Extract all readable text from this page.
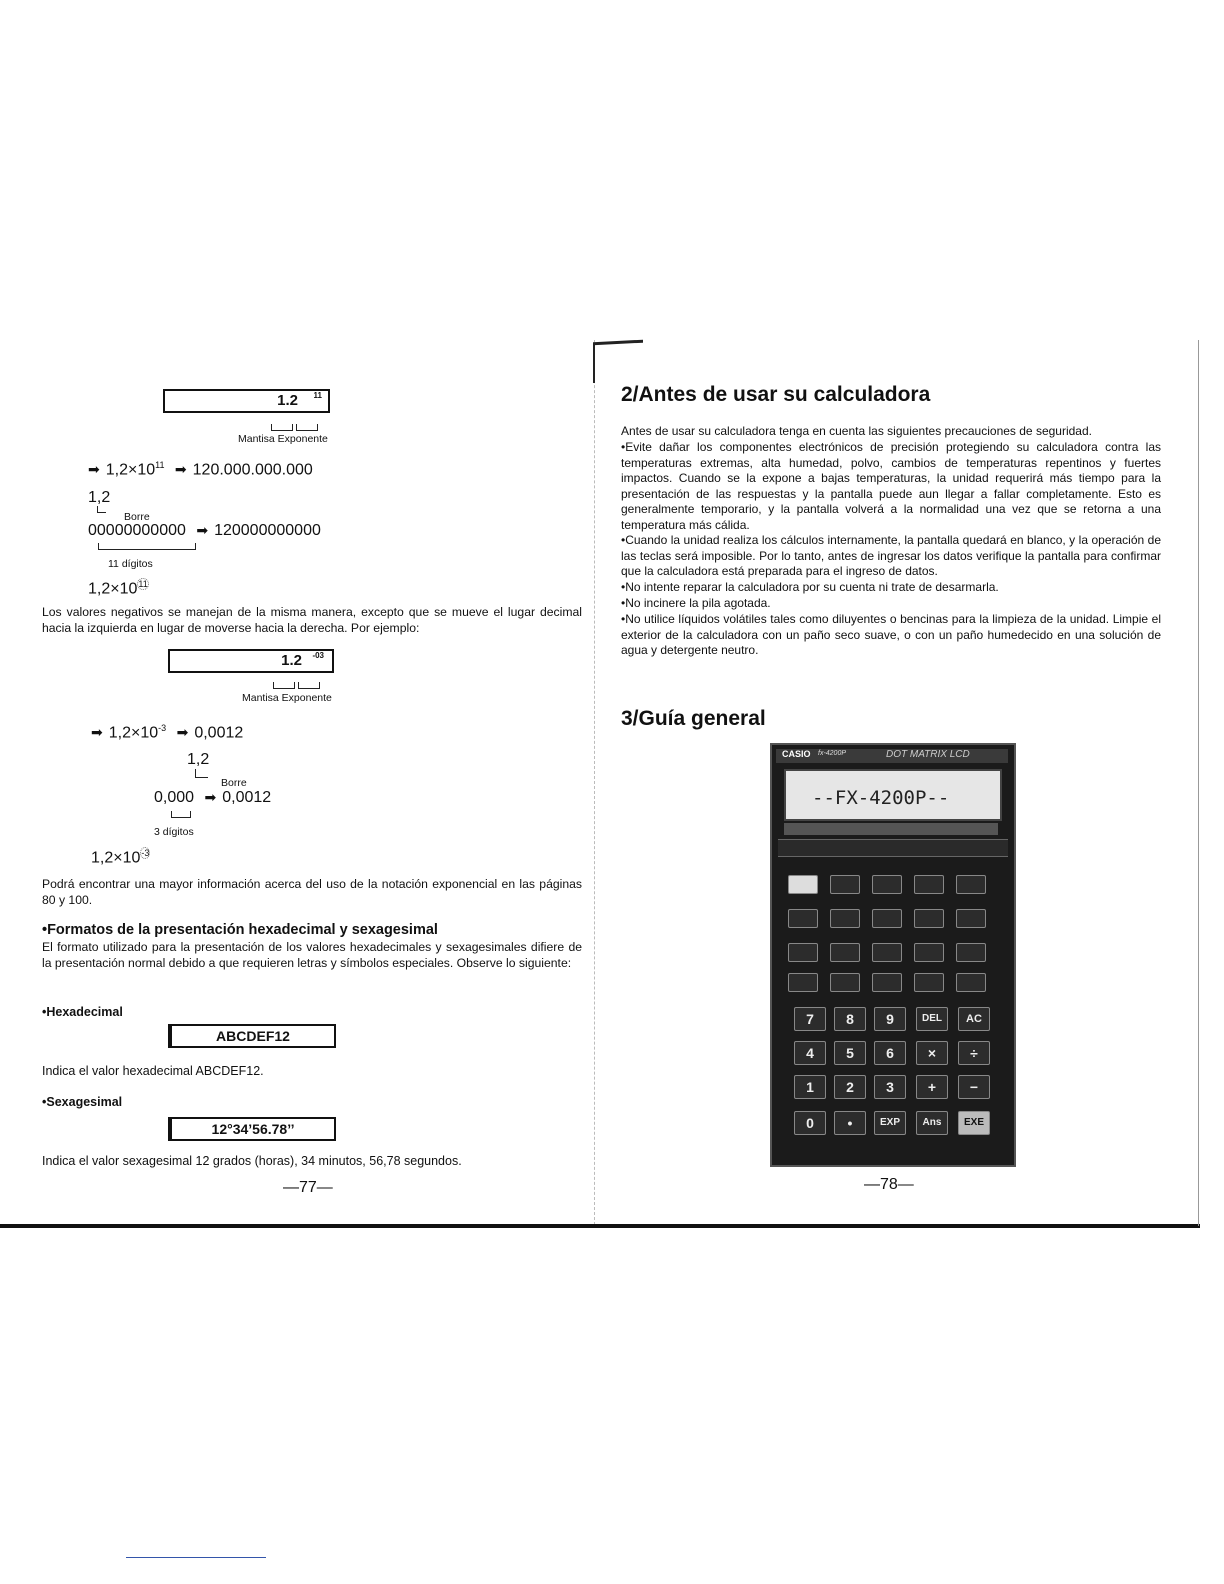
1.2 11
Mantisa Exponente
➡ $1,2\times 10^{11}$ ➡ 120.000.000.000
1,2
Borre
00000000000 ➡ 120000000000
11 dígitos
$1,2\times 10^{11}$
Los valores negativos se manejan de la misma manera, excepto que se mueve el lugar decimal hacia la izquierda en lugar de moverse hacia la derecha. Por ejemplo:
1.2 -03
Mantisa Exponente
➡ $1,2\times 10^{-3}$ ➡ 0,0012
1,2
Borre
0,000 ➡ 0,0012
3 dígitos
$1,2\times 10^{-3}$
Podrá encontrar una mayor información acerca del uso de la notación exponencial en las páginas 80 y 100.
•Formatos de la presentación hexadecimal y sexagesimal
El formato utilizado para la presentación de los valores hexadecimales y sexagesimales difiere de la presentación normal debido a que requieren letras y símbolos especiales. Observe lo siguiente:
•Hexadecimal
ABCDEF12
Indica el valor hexadecimal ABCDEF12.
•Sexagesimal
12°34’56.78’’
Indica el valor sexagesimal 12 grados (horas), 34 minutos, 56,78 segundos.
—77—
2/Antes de usar su calculadora
Antes de usar su calculadora tenga en cuenta las siguientes precauciones de seguridad.
•Evite dañar los componentes electrónicos de precisión protegiendo su calculadora contra las temperaturas extremas, alta humedad, polvo, cambios de temperaturas repentinos y fuertes impactos. Cuando se la expone a bajas temperaturas, la unidad requerirá más tiempo para la presentación de las respuestas y la pantalla puede aun llegar a fallar completamente. Esto es generalmente temporario, y la pantalla volverá a la normalidad una vez que se retorna a una temperatura más cálida.
•Cuando la unidad realiza los cálculos internamente, la pantalla quedará en blanco, y la operación de las teclas será imposible. Por lo tanto, antes de ingresar los datos verifique la pantalla para confirmar que la calculadora está preparada para el ingreso de datos.
•No intente reparar la calculadora por su cuenta ni trate de desarmarla.
•No incinere la pila agotada.
•No utilice líquidos volátiles tales como diluyentes o bencinas para la limpieza de la unidad. Limpie el exterior de la calculadora con un paño seco suave, o con un paño humedecido en una solución de agua y detergente neutro.
3/Guía general
CASIO fx-4200P	DOT MATRIX LCD
--FX-4200P--
7	8	9	DEL	AC
4	5	6	×	÷
1	2	3	+	−
0	•	EXP	Ans	EXE
—78—
